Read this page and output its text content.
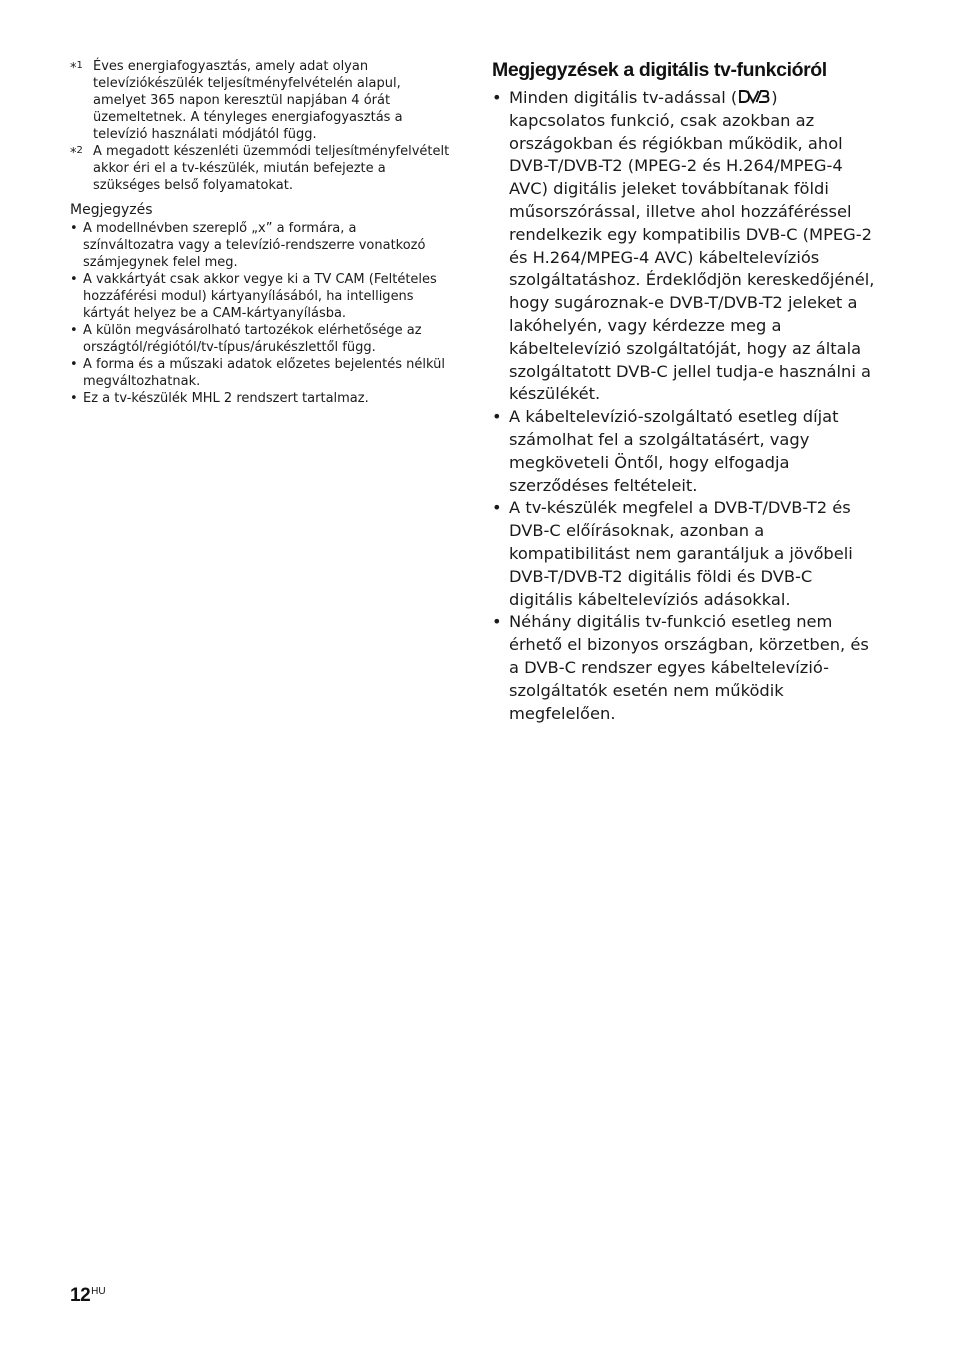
*$^1$ Éves energiafogyasztás, amely adat olyan televíziókészülék teljesítményfelvételén alapul, amelyet 365 napon keresztül napjában 4 órát üzemeltetnek. A tényleges energiafogyasztás a televízió használati módjától függ.
*$^2$ A megadott készenléti üzemmódi teljesítményfelvételt akkor éri el a tv-készülék, miután befejezte a szükséges belső folyamatokat.
Megjegyzés
• A modellnévben szereplő „x” a formára, a színváltozatra vagy a televízió-rendszerre vonatkozó számjegynek felel meg.
• A vakkártyát csak akkor vegye ki a TV CAM (Feltételes hozzáférési modul) kártyanyílásából, ha intelligens kártyát helyez be a CAM-kártyanyílásba.
• A külön megvásárolható tartozékok elérhetősége az országtól/régiótól/tv-típus/árukészlettől függ.
• A forma és a műszaki adatok előzetes bejelentés nélkül megváltozhatnak.
• Ez a tv-készülék MHL 2 rendszert tartalmaz.
Megjegyzések a digitális tv-funkcióról
• Minden digitális tv-adással ( ) kapcsolatos funkció, csak azokban az országokban és régiókban működik, ahol DVB-T/DVB-T2 (MPEG-2 és H.264/MPEG-4 AVC) digitális jeleket továbbítanak földi műsorszórással, illetve ahol hozzáféréssel rendelkezik egy kompatibilis DVB-C (MPEG-2 és H.264/MPEG-4 AVC) kábeltelevíziós szolgáltatáshoz. Érdeklődjön kereskedőjénél, hogy sugároznak-e DVB-T/DVB-T2 jeleket a lakóhelyén, vagy kérdezze meg a kábeltelevízió szolgáltatóját, hogy az általa szolgáltatott DVB-C jellel tudja-e használni a készülékét.
• A kábeltelevízió-szolgáltató esetleg díjat számolhat fel a szolgáltatásért, vagy megköveteli Öntől, hogy elfogadja szerződéses feltételeit.
• A tv-készülék megfelel a DVB-T/DVB-T2 és DVB-C előírásoknak, azonban a kompatibilitást nem garantáljuk a jövőbeli DVB-T/DVB-T2 digitális földi és DVB-C digitális kábeltelevíziós adásokkal.
• Néhány digitális tv-funkció esetleg nem érhető el bizonyos országban, körzetben, és a DVB-C rendszer egyes kábeltelevízió-szolgáltatók esetén nem működik megfelelően.
$12^{HU}$
